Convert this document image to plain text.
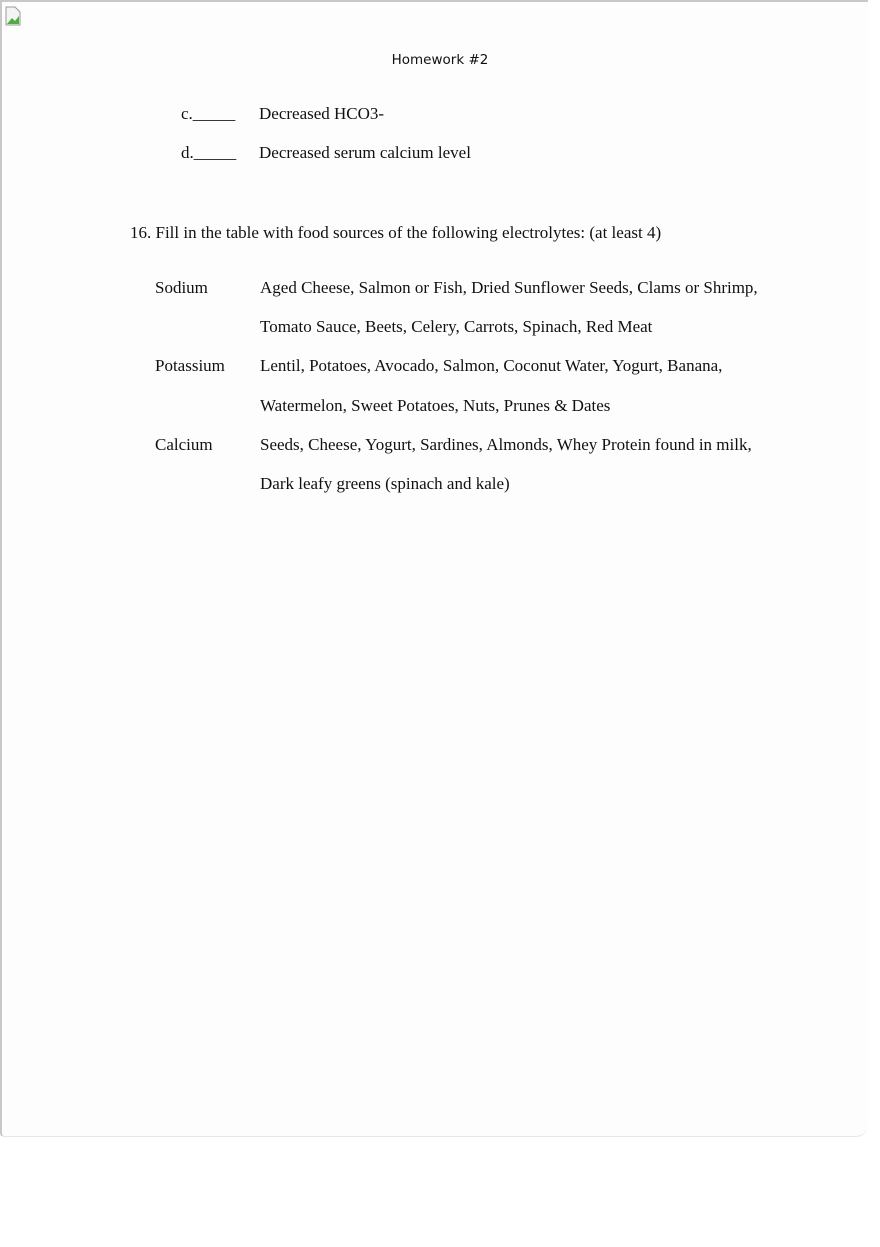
Homework #2
c._____ Decreased HCO3-
d._____ Decreased serum calcium level
16. Fill in the table with food sources of the following electrolytes: (at least 4)
Sodium	Aged Cheese, Salmon or Fish, Dried Sunflower Seeds, Clams or Shrimp,
Tomato Sauce, Beets, Celery, Carrots, Spinach, Red Meat
Potassium Lentil, Potatoes, Avocado, Salmon, Coconut Water, Yogurt, Banana,
Watermelon, Sweet Potatoes, Nuts, Prunes & Dates
Calcium	Seeds, Cheese, Yogurt, Sardines, Almonds, Whey Protein found in milk,
Dark leafy greens (spinach and kale)
